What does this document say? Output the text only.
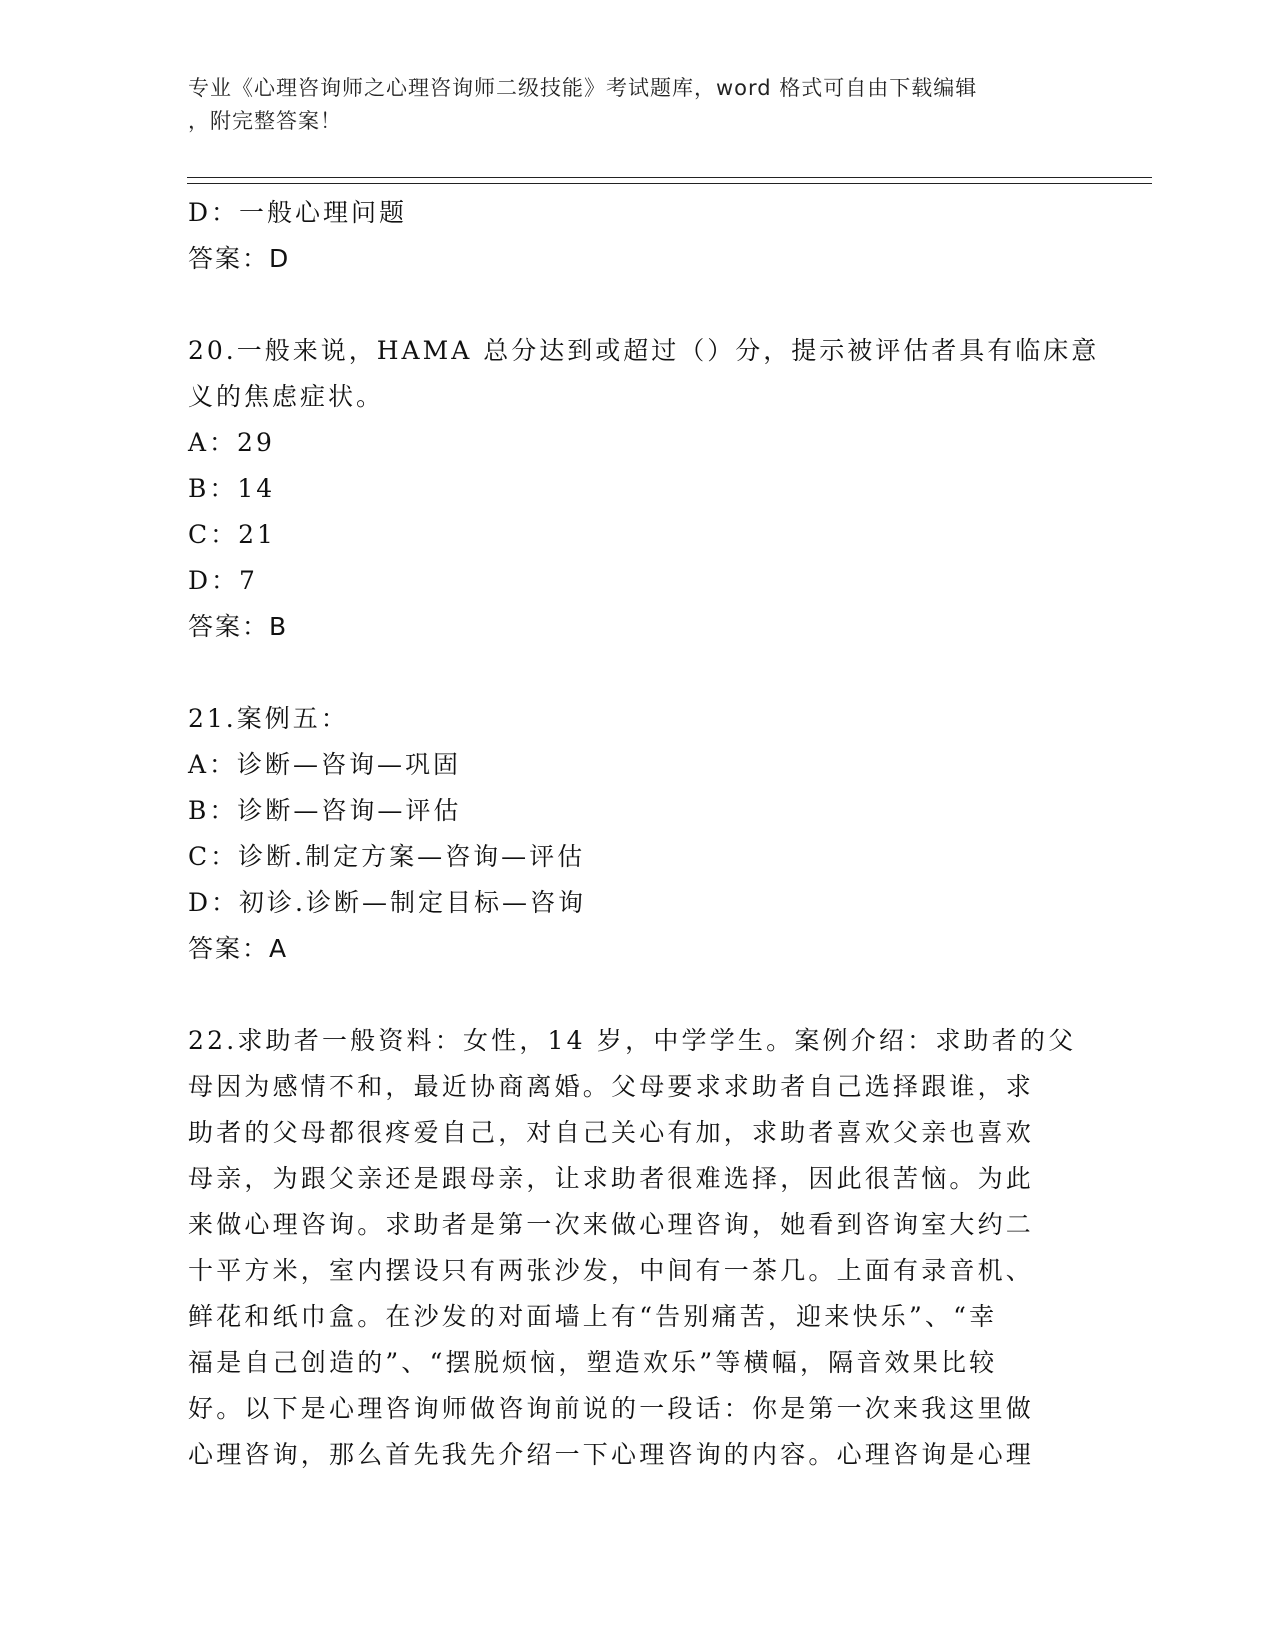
专业《心理咨询师之心理咨询师二级技能》考试题库，word 格式可自由下载编辑
，附完整答案！
D：一般心理问题
答案：D
20.一般来说，HAMA 总分达到或超过（）分，提示被评估者具有临床意
义的焦虑症状。
A：29
B：14
C：21
D：7
答案：B
21.案例五：
A：诊断—咨询—巩固
B：诊断—咨询—评估
C：诊断.制定方案—咨询—评估
D：初诊.诊断—制定目标—咨询
答案：A
22.求助者一般资料：女性，14 岁，中学学生。案例介绍：求助者的父
母因为感情不和，最近协商离婚。父母要求求助者自己选择跟谁，求
助者的父母都很疼爱自己，对自己关心有加，求助者喜欢父亲也喜欢
母亲，为跟父亲还是跟母亲，让求助者很难选择，因此很苦恼。为此
来做心理咨询。求助者是第一次来做心理咨询，她看到咨询室大约二
十平方米，室内摆设只有两张沙发，中间有一茶几。上面有录音机、
鲜花和纸巾盒。在沙发的对面墙上有“告别痛苦，迎来快乐”、“幸
福是自己创造的”、“摆脱烦恼，塑造欢乐”等横幅，隔音效果比较
好。以下是心理咨询师做咨询前说的一段话：你是第一次来我这里做
心理咨询，那么首先我先介绍一下心理咨询的内容。心理咨询是心理
